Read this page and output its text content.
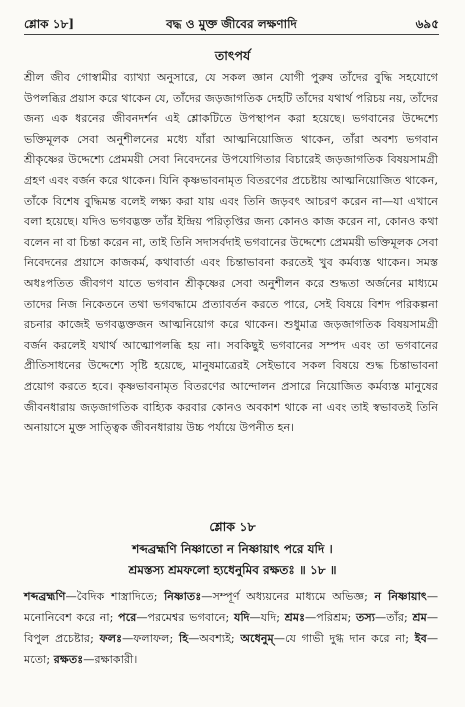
শ্লোক ১৮]	বদ্ধ ও মুক্ত জীবের লক্ষণাদি	৬৯৫
তাৎপর্য

শ্রীল জীব গোস্বামীর ব্যাখ্যা অনুসারে, যে সকল জ্ঞান যোগী পুরুষ তাঁদের বুদ্ধি সহযোগে উপলব্ধির প্রয়াস করে থাকেন যে, তাঁদের জড়জাগতিক দেহটি তাঁদের যথার্থ পরিচয় নয়, তাঁদের জন্য এক ধরনের জীবনদর্শন এই শ্লোকটিতে উপস্থাপন করা হয়েছে। ভগবানের উদ্দেশ্যে ভক্তিমূলক সেবা অনুশীলনের মধ্যে যাঁরা আত্মনিয়োজিত থাকেন, তাঁরা অবশ্য ভগবান শ্রীকৃষ্ণের উদ্দেশ্যে প্রেমময়ী সেবা নিবেদনের উপযোগিতার বিচারেই জড়জাগতিক বিষয়সামগ্রী গ্রহণ এবং বর্জন করে থাকেন। যিনি কৃষ্ণভাবনামৃত বিতরণের প্রচেষ্টায় আত্মনিয়োজিত থাকেন, তাঁকে বিশেষ বুদ্ধিমন্ত বলেই লক্ষ্য করা যায় এবং তিনি জড়বৎ আচরণ করেন না—যা এখানে বলা হয়েছে। যদিও ভগবদ্ভক্ত তাঁর ইন্দ্রিয় পরিতৃপ্তির জন্য কোনও কাজ করেন না, কোনও কথা বলেন না বা চিন্তা করেন না, তাই তিনি সদাসর্বদাই ভগবানের উদ্দেশ্যে প্রেমময়ী ভক্তিমূলক সেবা নিবেদনের প্রয়াসে কাজকর্ম, কথাবার্তা এবং চিন্তাভাবনা করতেই খুব কর্মব্যস্ত থাকেন। সমস্ত অধঃপতিত জীবগণ যাতে ভগবান শ্রীকৃষ্ণের সেবা অনুশীলন করে শুদ্ধতা অর্জনের মাধ্যমে তাদের নিজ নিকেতনে তথা ভগবদ্ধামে প্রত্যাবর্তন করতে পারে, সেই বিষয়ে বিশদ পরিকল্পনা রচনার কাজেই ভগবদ্ভক্তজন আত্মনিয়োগ করে থাকেন। শুধুমাত্র জড়জাগতিক বিষয়সামগ্রী বর্জন করলেই যথার্থ আত্মোপলব্ধি হয় না। সবকিছুই ভগবানের সম্পদ এবং তা ভগবানের প্রীতিসাধনের উদ্দেশ্যে সৃষ্টি হয়েছে, মানুষমাত্রেরই সেইভাবে সকল বিষয়ে শুদ্ধ চিন্তাভাবনা প্রয়োগ করতে হবে। কৃষ্ণভাবনামৃত বিতরণের আন্দোলন প্রসারে নিয়োজিত কর্মব্যস্ত মানুষের জীবনধারায় জড়জাগতিক বাহ্যিক করবার কোনও অবকাশ থাকে না এবং তাই স্বভাবতই তিনি অনায়াসে মুক্ত সাত্ত্বিক জীবনধারায় উচ্চ পর্যায়ে উপনীত হন।

শ্লোক ১৮
শব্দব্রহ্মণি নিষ্ণাতো ন নিষ্ণায়াৎ পরে যদি ।
শ্রমস্তস্য শ্রমফলো হ্যধেনুমিব রক্ষতঃ ॥ ১৮ ॥
শব্দব্রহ্মণি—বৈদিক শাস্ত্রাদিতে; নিষ্ণাতঃ—সম্পূর্ণ অধ্যয়নের মাধ্যমে অভিজ্ঞ; ন নিষ্ণায়াৎ—মনোনিবেশ করে না; পরে—পরমেশ্বর ভগবানে; যদি—যদি; শ্রমঃ—পরিশ্রম; তস্য—তাঁর; শ্রম—বিপুল প্রচেষ্টার; ফলঃ—ফলাফল; হি—অবশ্যই; অধেনুম্—যে গাভী দুগ্ধ দান করে না; ইব—মতো; রক্ষতঃ—রক্ষাকারী।
